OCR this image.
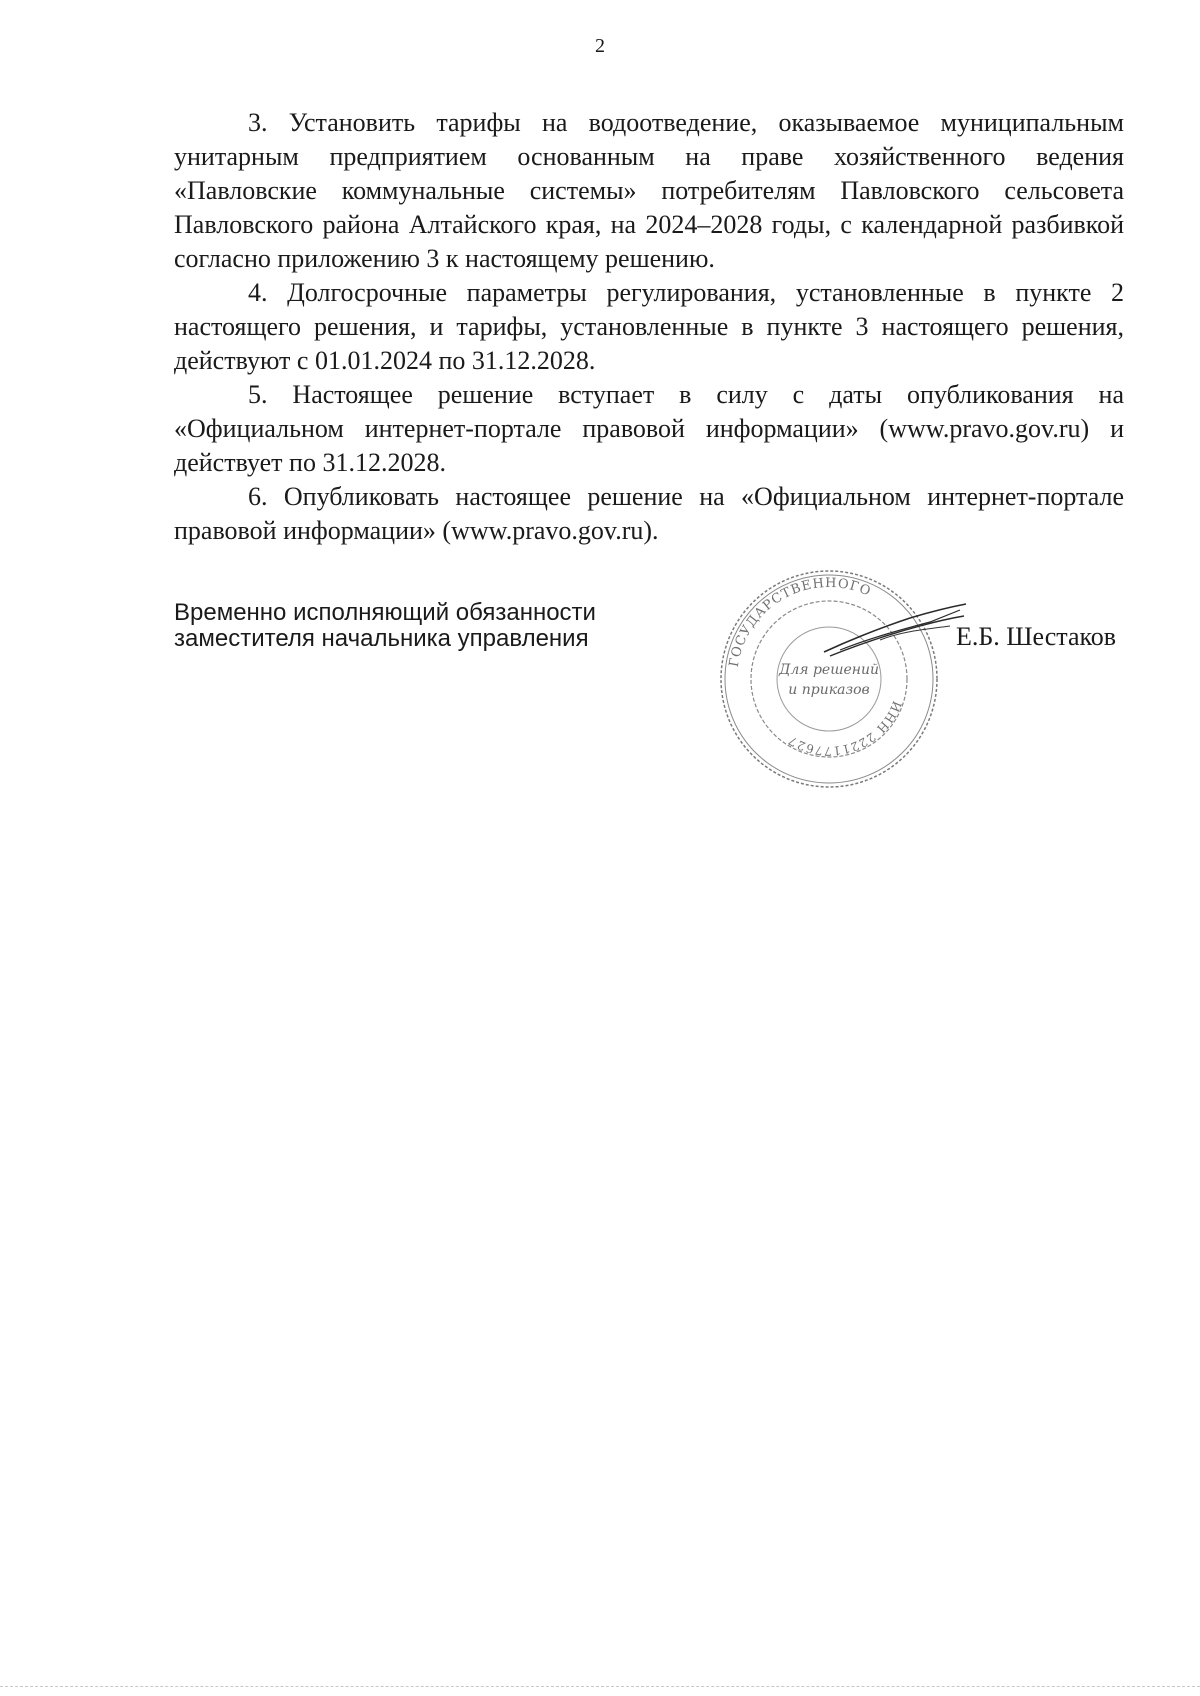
2

3. Установить тарифы на водоотведение, оказываемое муниципальным унитарным предприятием основанным на праве хозяйственного ведения «Павловские коммунальные системы» потребителям Павловского сельсовета Павловского района Алтайского края, на 2024–2028 годы, с календарной разбивкой согласно приложению 3 к настоящему решению.

4. Долгосрочные параметры регулирования, установленные в пункте 2 настоящего решения, и тарифы, установленные в пункте 3 настоящего решения, действуют с 01.01.2024 по 31.12.2028.

5. Настоящее решение вступает в силу с даты опубликования на «Официальном интернет-портале правовой информации» (www.pravo.gov.ru) и действует по 31.12.2028.

6. Опубликовать настоящее решение на «Официальном интернет-портале правовой информации» (www.pravo.gov.ru).

Временно исполняющий обязанности
заместителя начальника управления
ГОСУДАРСТВЕННОГО
ИНН 2221177627
Для решений
и приказов
Е.Б. Шестаков
